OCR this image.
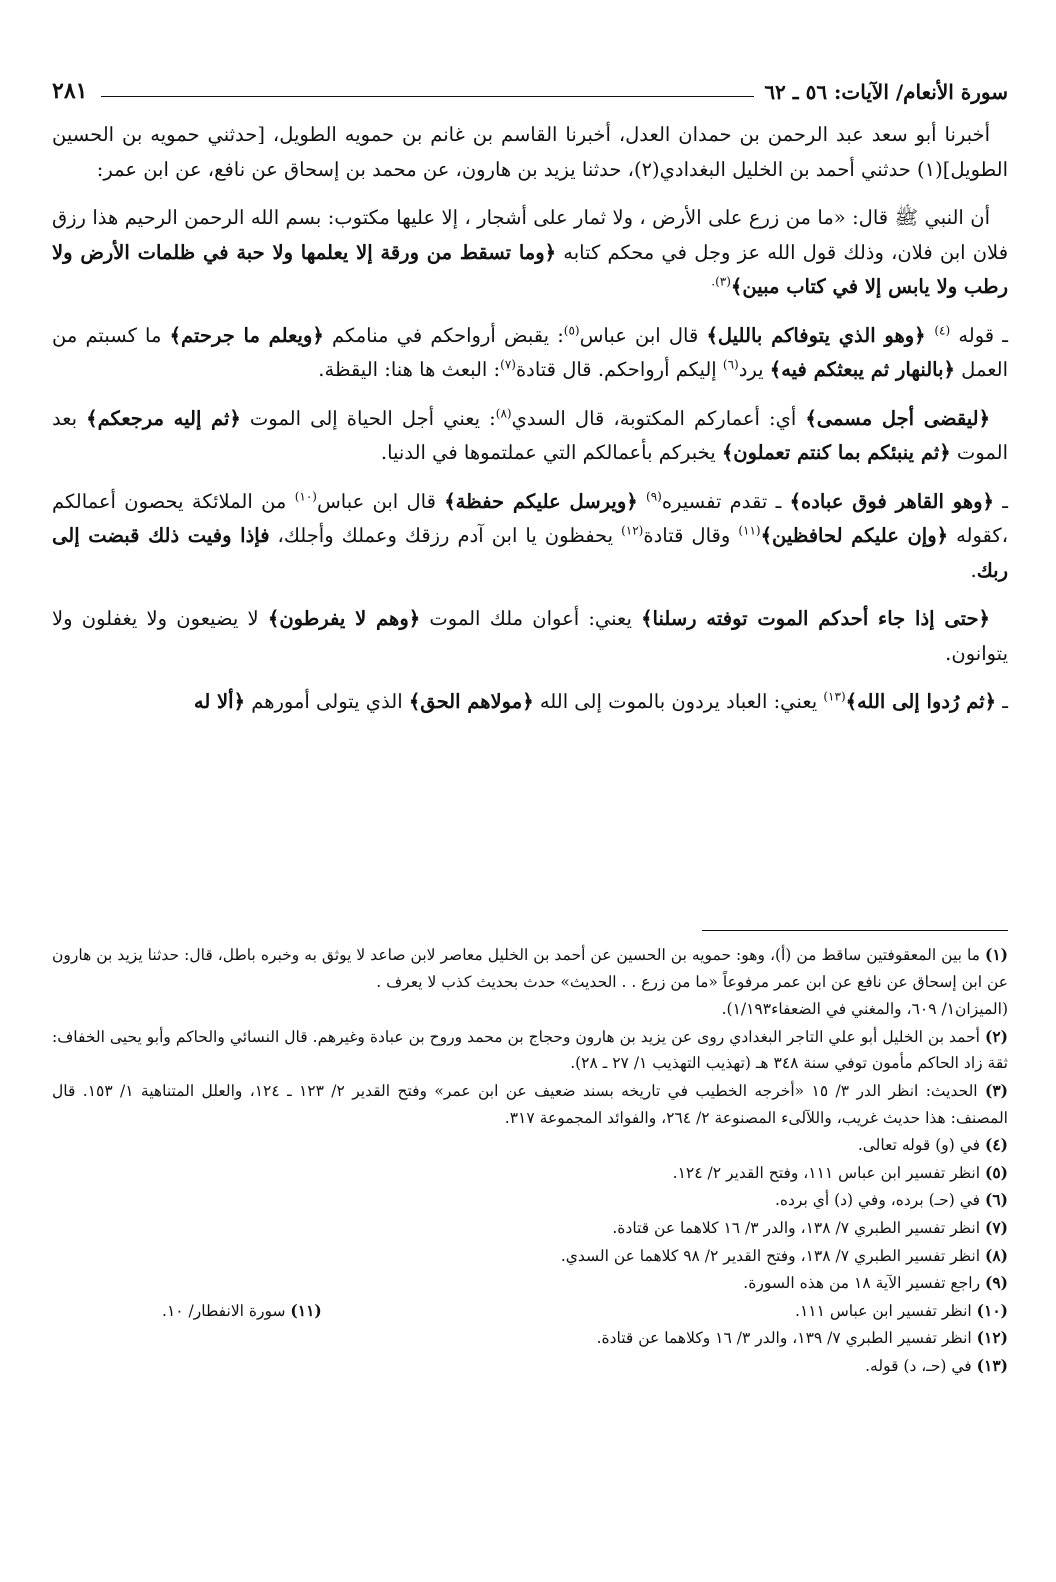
سورة الأنعام/ الآيات: ٥٦ ـ ٦٢
٢٨١

أخبرنا أبو سعد عبد الرحمن بن حمدان العدل، أخبرنا القاسم بن غانم بن حمويه الطويل، [حدثني حمويه بن الحسين الطويل](١) حدثني أحمد بن الخليل البغدادي(٢)، حدثنا يزيد بن هارون، عن محمد بن إسحاق عن نافع، عن ابن عمر:

أن النبي ﷺ قال: «ما من زرع على الأرض ، ولا ثمار على أشجار ، إلا عليها مكتوب: بسم الله الرحمن الرحيم هذا رزق فلان ابن فلان، وذلك قول الله عز وجل في محكم كتابه ﴿وما تسقط من ورقة إلا يعلمها ولا حبة في ظلمات الأرض ولا رطب ولا يابس إلا في كتاب مبين﴾$^{(٣).}$

ـ قوله $^{(٤)}$ ﴿وهو الذي يتوفاكم بالليل﴾ قال ابن عباس$^{(٥)}$: يقبض أرواحكم في منامكم ﴿ويعلم ما جرحتم﴾ ما كسبتم من العمل ﴿بالنهار ثم يبعثكم فيه﴾ يرد$^{(٦)}$ إليكم أرواحكم. قال قتادة$^{(٧)}$: البعث ها هنا: اليقظة.

﴿ليقضى أجل مسمى﴾ أي: أعماركم المكتوبة، قال السدي$^{(٨)}$: يعني أجل الحياة إلى الموت ﴿ثم إليه مرجعكم﴾ بعد الموت ﴿ثم ينبئكم بما كنتم تعملون﴾ يخبركم بأعمالكم التي عملتموها في الدنيا.

ـ ﴿وهو القاهر فوق عباده﴾ ـ تقدم تفسيره$^{(٩)}$ ﴿ويرسل عليكم حفظة﴾ قال ابن عباس$^{(١٠)}$ من الملائكة يحصون أعمالكم ،كقوله ﴿وإن عليكم لحافظين﴾$^{(١١)}$ وقال قتادة$^{(١٢)}$ يحفظون يا ابن آدم رزقك وعملك وأجلك، فإذا وفيت ذلك قبضت إلى ربك.

﴿حتى إذا جاء أحدكم الموت توفته رسلنا﴾ يعني: أعوان ملك الموت ﴿وهم لا يفرطون﴾ لا يضيعون ولا يغفلون ولا يتوانون.

ـ ﴿ثم رُدوا إلى الله﴾$^{(١٣)}$ يعني: العباد يردون بالموت إلى الله ﴿مولاهم الحق﴾ الذي يتولى أمورهم ﴿ألا له

(١) ما بين المعقوفتين ساقط من (أ)، وهو: حمويه بن الحسين عن أحمد بن الخليل معاصر لابن صاعد لا يوثق به وخبره باطل، قال: حدثنا يزيد بن هارون عن ابن إسحاق عن نافع عن ابن عمر مرفوعاً «ما من زرع . . الحديث» حدث بحديث كذب لا يعرف .
(الميزان١/ ٦٠٩، والمغني في الضعفاء١/١٩٣).
(٢) أحمد بن الخليل أبو علي التاجر البغدادي روى عن يزيد بن هارون وحجاج بن محمد وروح بن عبادة وغيرهم. قال النسائي والحاكم وأبو يحيى الخفاف: ثقة زاد الحاكم مأمون توفي سنة ٣٤٨ هـ (تهذيب التهذيب ١/ ٢٧ ـ ٢٨).
(٣) الحديث: انظر الدر ٣/ ١٥ «أخرجه الخطيب في تاريخه بسند ضعيف عن ابن عمر» وفتح القدير ٢/ ١٢٣ ـ ١٢٤، والعلل المتناهية ١/ ١٥٣. قال المصنف: هذا حديث غريب، واللآلىء المصنوعة ٢/ ٢٦٤، والفوائد المجموعة ٣١٧.
(٤) في (و) قوله تعالى.
(٥) انظر تفسير ابن عباس ١١١، وفتح القدير ٢/ ١٢٤.
(٦) في (حـ) برده، وفي (د) أي برده.
(٧) انظر تفسير الطبري ٧/ ١٣٨، والدر ٣/ ١٦ كلاهما عن قتادة.
(٨) انظر تفسير الطبري ٧/ ١٣٨، وفتح القدير ٢/ ٩٨ كلاهما عن السدي.
(٩) راجع تفسير الآية ١٨ من هذه السورة.
(١٠) انظر تفسير ابن عباس ١١١.
(١١) سورة الانفطار/ ١٠.
(١٢) انظر تفسير الطبري ٧/ ١٣٩، والدر ٣/ ١٦ وكلاهما عن قتادة.
(١٣) في (حـ، د) قوله.
